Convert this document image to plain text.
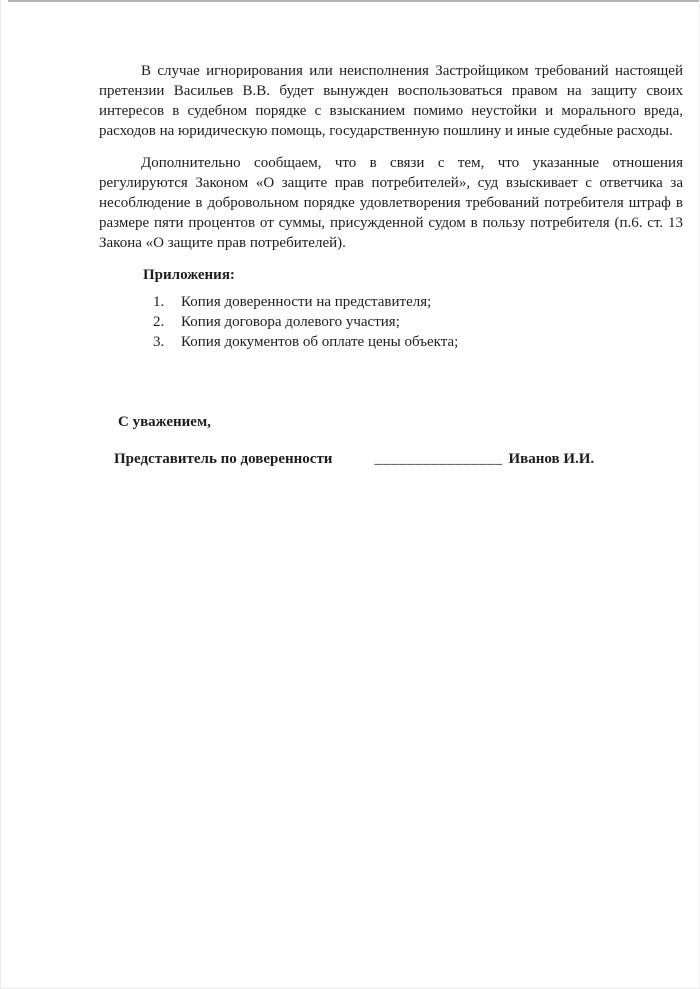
В случае игнорирования или неисполнения Застройщиком требований настоящей претензии Васильев В.В. будет вынужден воспользоваться правом на защиту своих интересов в судебном порядке с взысканием помимо неустойки и морального вреда, расходов на юридическую помощь, государственную пошлину и иные судебные расходы.

Дополнительно сообщаем, что в связи с тем, что указанные отношения регулируются Законом «О защите прав потребителей», суд взыскивает с ответчика за несоблюдение в добровольном порядке удовлетворения требований потребителя штраф в размере пяти процентов от суммы, присужденной судом в пользу потребителя (п.6. ст. 13 Закона «О защите прав потребителей).

Приложения:

1. Копия доверенности на представителя;
2. Копия договора долевого участия;
3. Копия документов об оплате цены объекта;

С уважением,

Представитель по доверенности	________________ Иванов И.И.
